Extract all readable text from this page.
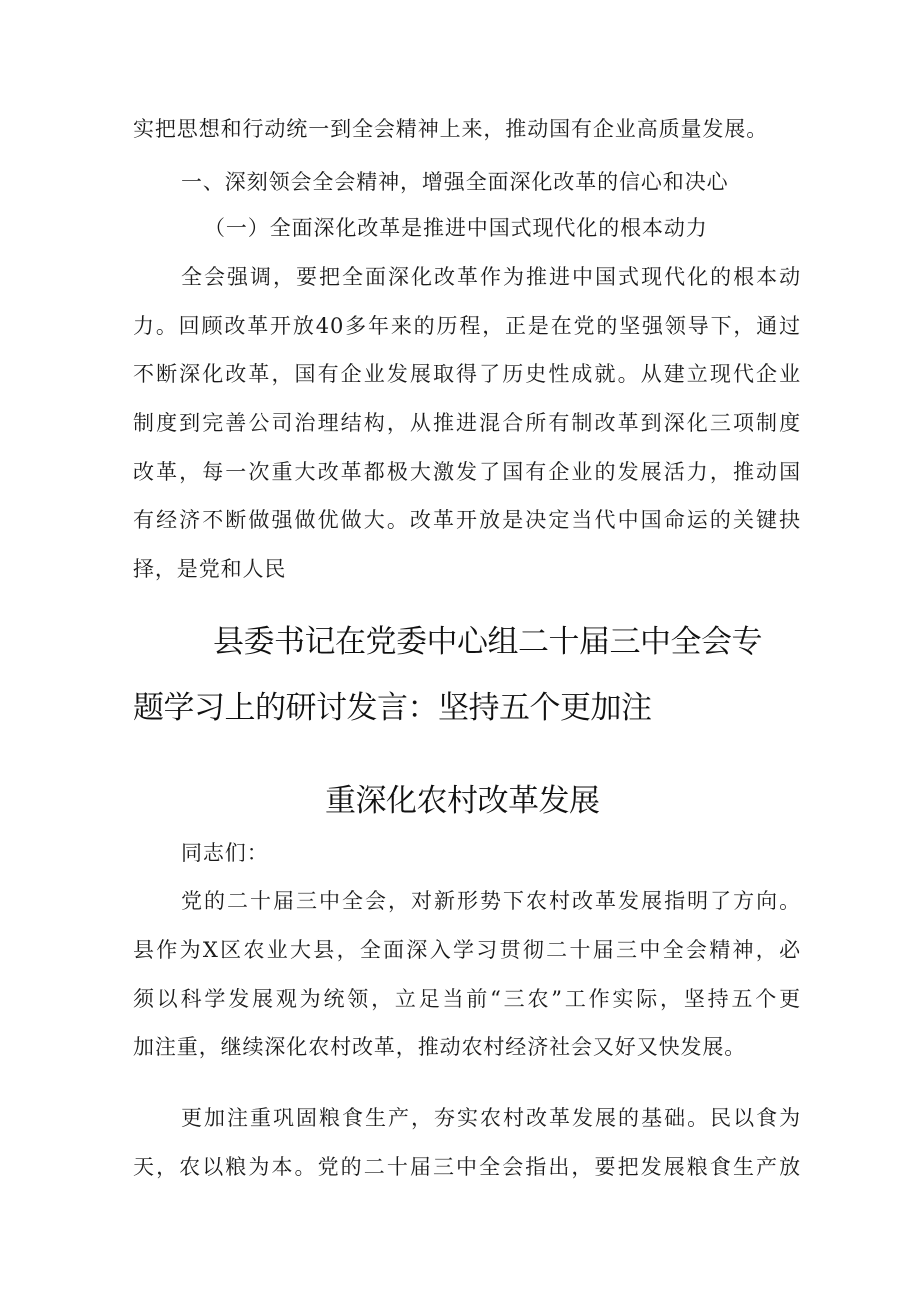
实把思想和行动统一到全会精神上来，推动国有企业高质量发展。
一、深刻领会全会精神，增强全面深化改革的信心和决心
（一）全面深化改革是推进中国式现代化的根本动力
全会强调，要把全面深化改革作为推进中国式现代化的根本动
力。回顾改革开放40多年来的历程，正是在党的坚强领导下，通过
不断深化改革，国有企业发展取得了历史性成就。从建立现代企业
制度到完善公司治理结构，从推进混合所有制改革到深化三项制度
改革，每一次重大改革都极大激发了国有企业的发展活力，推动国
有经济不断做强做优做大。改革开放是决定当代中国命运的关键抉
择，是党和人民
县委书记在党委中心组二十届三中全会专
题学习上的研讨发言：坚持五个更加注
重深化农村改革发展
同志们：
党的二十届三中全会，对新形势下农村改革发展指明了方向。
县作为X区农业大县，全面深入学习贯彻二十届三中全会精神，必
须以科学发展观为统领，立足当前“三农”工作实际，坚持五个更
加注重，继续深化农村改革，推动农村经济社会又好又快发展。
更加注重巩固粮食生产，夯实农村改革发展的基础。民以食为
天，农以粮为本。党的二十届三中全会指出，要把发展粮食生产放
